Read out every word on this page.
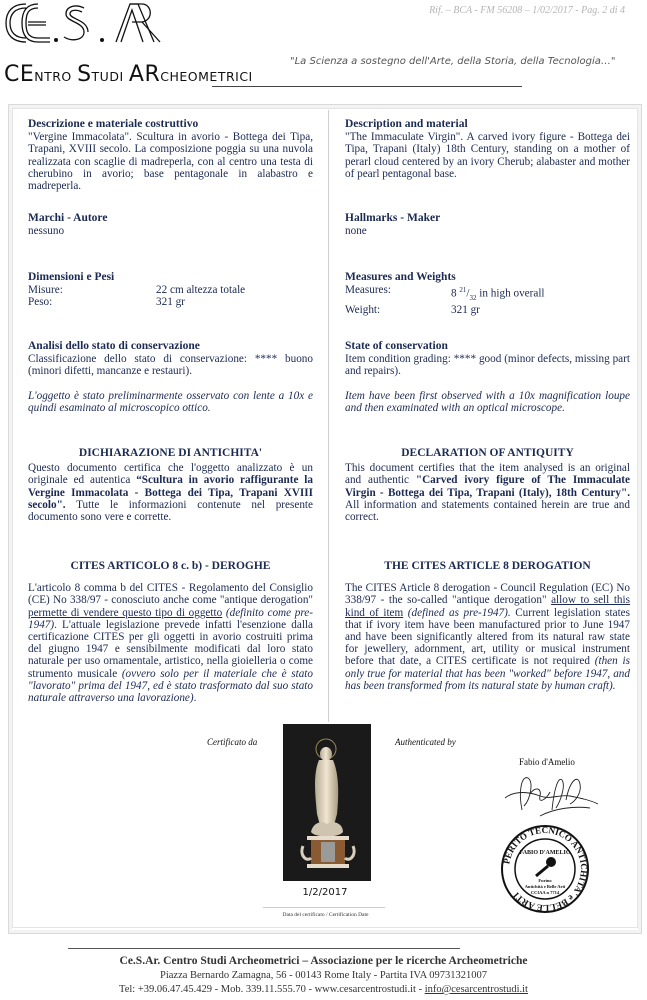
CENTRO STUDI ARCHEOMETRICI
Rif. – BCA - FM 56208 – 1/02/2017 - Pag. 2 di 4
"La Scienza a sostegno dell'Arte, della Storia, della Tecnologia…"
Descrizione e materiale costruttivo
"Vergine Immacolata". Scultura in avorio - Bottega dei Tipa, Trapani, XVIII secolo. La composizione poggia su una nuvola realizzata con scaglie di madreperla, con al centro una testa di cherubino in avorio; base pentagonale in alabastro e madreperla.
Marchi - Autore
nessuno
Dimensioni e Pesi
Misure:	22 cm altezza totale
Peso:	321 gr
Analisi dello stato di conservazione
Classificazione dello stato di conservazione: **** buono (minori difetti, mancanze e restauri).
L'oggetto è stato preliminarmente osservato con lente a 10x e quindi esaminato al microscopico ottico.
DICHIARAZIONE DI ANTICHITA'
Questo documento certifica che l'oggetto analizzato è un originale ed autentica “Scultura in avorio raffigurante la Vergine Immacolata - Bottega dei Tipa, Trapani XVIII secolo". Tutte le informazioni contenute nel presente documento sono vere e corrette.
CITES ARTICOLO 8 c. b) - DEROGHE
L'articolo 8 comma b del CITES - Regolamento del Consiglio (CE) No 338/97 - conosciuto anche come "antique derogation" permette di vendere questo tipo di oggetto (definito come pre-1947). L'attuale legislazione prevede infatti l'esenzione dalla certificazione CITES per gli oggetti in avorio costruiti prima del giugno 1947 e sensibilmente modificati dal loro stato naturale per uso ornamentale, artistico, nella gioielleria o come strumento musicale (ovvero solo per il materiale che è stato "lavorato" prima del 1947, ed è stato trasformato dal suo stato naturale attraverso una lavorazione).
Description and material
"The Immaculate Virgin". A carved ivory figure - Bottega dei Tipa, Trapani (Italy) 18th Century, standing on a mother of perarl cloud centered by an ivory Cherub; alabaster and mother of pearl pentagonal base.
Hallmarks - Maker
none
Measures and Weights
Measures:	8 $^{21}/_{32}$ in high overall
Weight:	321 gr
State of conservation
Item condition grading: **** good (minor defects, missing part and repairs).
Item have been first observed with a 10x magnification loupe and then examinated with an optical microscope.
DECLARATION OF ANTIQUITY
This document certifies that the item analysed is an original and authentic "Carved ivory figure of The Immaculate Virgin - Bottega dei Tipa, Trapani (Italy), 18th Century". All information and statements contained herein are true and correct.
THE CITES ARTICLE 8 DEROGATION
The CITES Article 8 derogation - Council Regulation (EC) No 338/97 - the so-called "antique derogation" allow to sell this kind of item (defined as pre-1947). Current legislation states that if ivory item have been manufactured prior to June 1947 and have been significantly altered from its natural raw state for jewellery, adornment, art, utility or musical instrument before that date, a CITES certificate is not required (then is only true for material that has been "worked" before 1947, and has been transformed from its natural state by human craft).
Certificato da	Authenticated by
1/2/2017
Data del certificato / Certification Date
Fabio d'Amelio
PERITO TECNICO ANTICHITA' e BELLE ARTI
FABIO D'AMELIO
Furino
Antichità e Belle Arti
CCIAA n 7714
Ce.S.Ar. Centro Studi Archeometrici – Associazione per le ricerche Archeometriche
Piazza Bernardo Zamagna, 56 - 00143 Rome Italy - Partita IVA 09731321007
Tel: +39.06.47.45.429 - Mob. 339.11.555.70 - www.cesarcentrostudi.it - info@cesarcentrostudi.it
